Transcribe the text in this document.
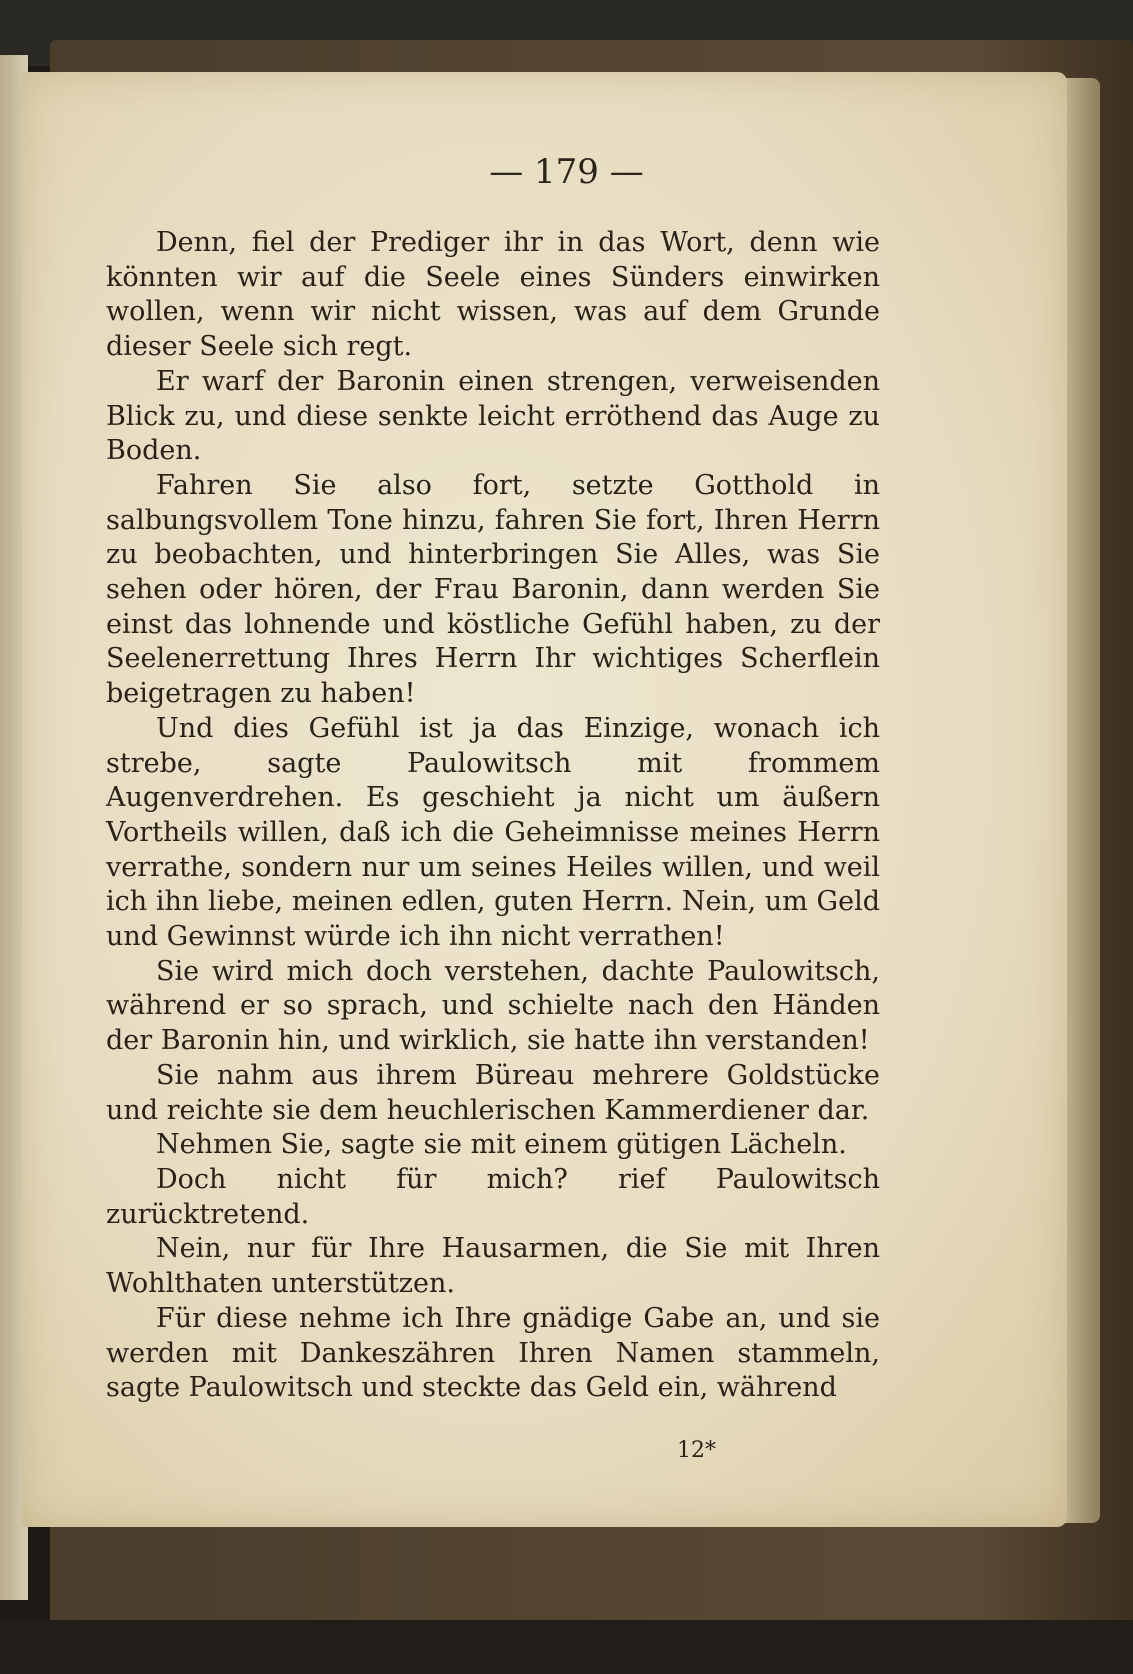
— 179 —

Denn, fiel der Prediger ihr in das Wort, denn wie könnten wir auf die Seele eines Sünders einwirken wollen, wenn wir nicht wissen, was auf dem Grunde dieser Seele sich regt.

Er warf der Baronin einen strengen, verweisenden Blick zu, und diese senkte leicht erröthend das Auge zu Boden.

Fahren Sie also fort, setzte Gotthold in salbungsvollem Tone hinzu, fahren Sie fort, Ihren Herrn zu beobachten, und hinterbringen Sie Alles, was Sie sehen oder hören, der Frau Baronin, dann werden Sie einst das lohnende und köstliche Gefühl haben, zu der Seelenerrettung Ihres Herrn Ihr wichtiges Scherflein beigetragen zu haben!

Und dies Gefühl ist ja das Einzige, wonach ich strebe, sagte Paulowitsch mit frommem Augenverdrehen. Es geschieht ja nicht um äußern Vortheils willen, daß ich die Geheimnisse meines Herrn verrathe, sondern nur um seines Heiles willen, und weil ich ihn liebe, meinen edlen, guten Herrn. Nein, um Geld und Gewinnst würde ich ihn nicht verrathen!

Sie wird mich doch verstehen, dachte Paulowitsch, während er so sprach, und schielte nach den Händen der Baronin hin, und wirklich, sie hatte ihn verstanden!

Sie nahm aus ihrem Büreau mehrere Goldstücke und reichte sie dem heuchlerischen Kammerdiener dar.

Nehmen Sie, sagte sie mit einem gütigen Lächeln.

Doch nicht für mich? rief Paulowitsch zurücktretend.

Nein, nur für Ihre Hausarmen, die Sie mit Ihren Wohlthaten unterstützen.

Für diese nehme ich Ihre gnädige Gabe an, und sie werden mit Dankeszähren Ihren Namen stammeln, sagte Paulowitsch und steckte das Geld ein, während

12*
